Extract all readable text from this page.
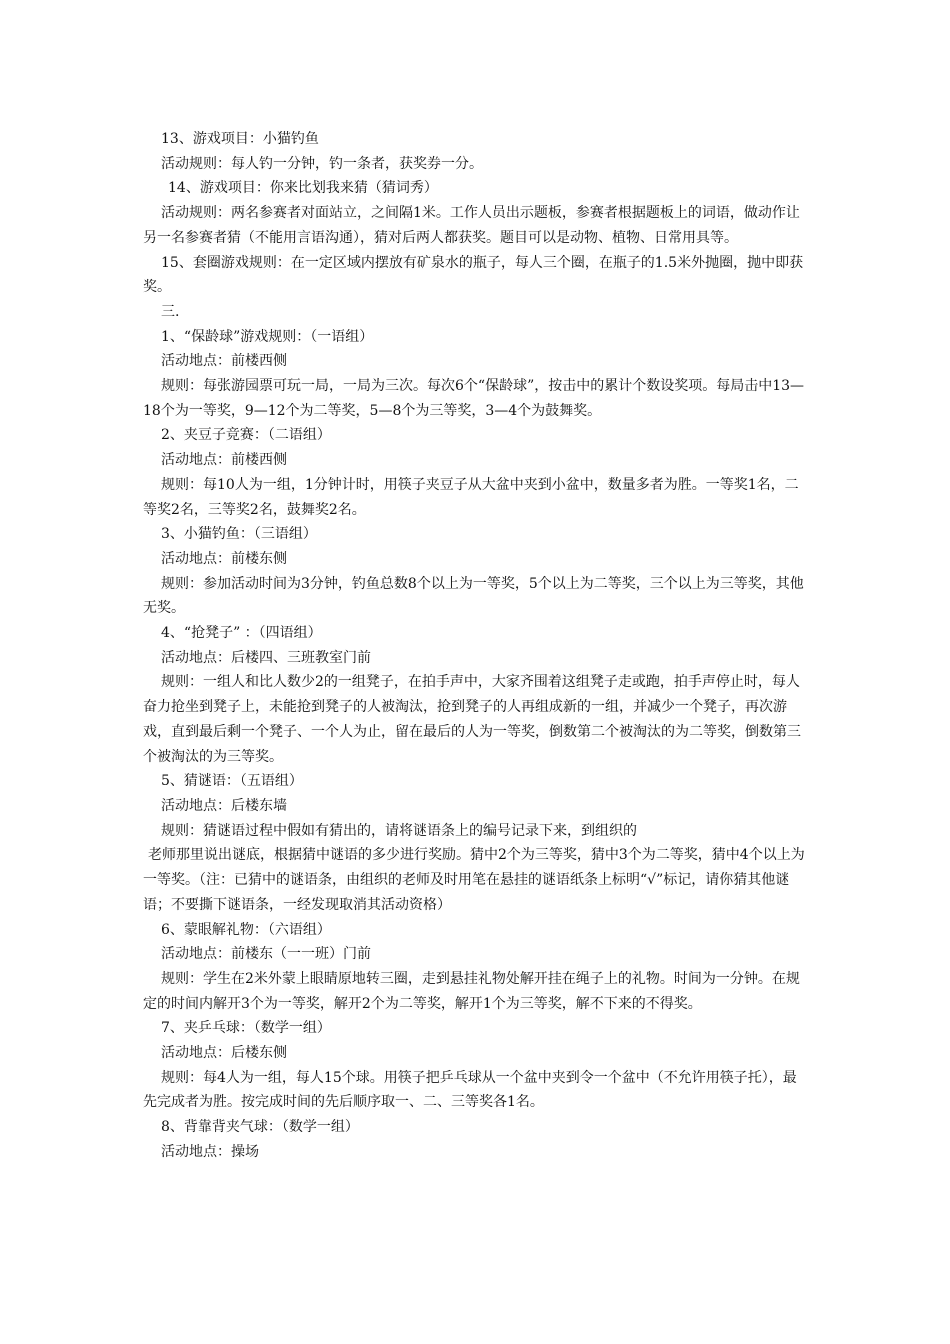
13、游戏项目：小猫钓鱼

活动规则：每人钓一分钟，钓一条者，获奖券一分。

14、游戏项目：你来比划我来猜（猜词秀）

活动规则：两名参赛者对面站立，之间隔1米。工作人员出示题板，参赛者根据题板上的词语，做动作让另一名参赛者猜（不能用言语沟通），猜对后两人都获奖。题目可以是动物、植物、日常用具等。

15、套圈游戏规则：在一定区域内摆放有矿泉水的瓶子，每人三个圈，在瓶子的1.5米外抛圈，抛中即获奖。

三.

1、“保龄球”游戏规则：（一语组）

活动地点：前楼西侧

规则：每张游园票可玩一局，一局为三次。每次6个“保龄球”，按击中的累计个数设奖项。每局击中13—18个为一等奖，9—12个为二等奖，5—8个为三等奖，3—4个为鼓舞奖。

2、夹豆子竞赛：（二语组）

活动地点：前楼西侧

规则：每10人为一组，1分钟计时，用筷子夹豆子从大盆中夹到小盆中，数量多者为胜。一等奖1名，二等奖2名，三等奖2名，鼓舞奖2名。

3、小猫钓鱼：（三语组）

活动地点：前楼东侧

规则：参加活动时间为3分钟，钓鱼总数8个以上为一等奖，5个以上为二等奖，三个以上为三等奖，其他无奖。

4、“抢凳子” ：（四语组）

活动地点：后楼四、三班教室门前

规则：一组人和比人数少2的一组凳子，在拍手声中，大家齐围着这组凳子走或跑，拍手声停止时，每人奋力抢坐到凳子上，未能抢到凳子的人被淘汰，抢到凳子的人再组成新的一组，并减少一个凳子，再次游戏，直到最后剩一个凳子、一个人为止，留在最后的人为一等奖，倒数第二个被淘汰的为二等奖，倒数第三个被淘汰的为三等奖。

5、猜谜语：（五语组）

活动地点：后楼东墙

规则：猜谜语过程中假如有猜出的，请将谜语条上的编号记录下来，到组织的

老师那里说出谜底，根据猜中谜语的多少进行奖励。猜中2个为三等奖，猜中3个为二等奖，猜中4个以上为一等奖。（注：已猜中的谜语条，由组织的老师及时用笔在悬挂的谜语纸条上标明“√”标记，请你猜其他谜语；不要撕下谜语条，一经发现取消其活动资格）

6、蒙眼解礼物：（六语组）

活动地点：前楼东（一一班）门前

规则：学生在2米外蒙上眼睛原地转三圈，走到悬挂礼物处解开挂在绳子上的礼物。时间为一分钟。在规定的时间内解开3个为一等奖，解开2个为二等奖，解开1个为三等奖，解不下来的不得奖。

7、夹乒乓球：（数学一组）

活动地点：后楼东侧

规则：每4人为一组，每人15个球。用筷子把乒乓球从一个盆中夹到令一个盆中（不允许用筷子托），最先完成者为胜。按完成时间的先后顺序取一、二、三等奖各1名。

8、背靠背夹气球：（数学一组）

活动地点：操场
